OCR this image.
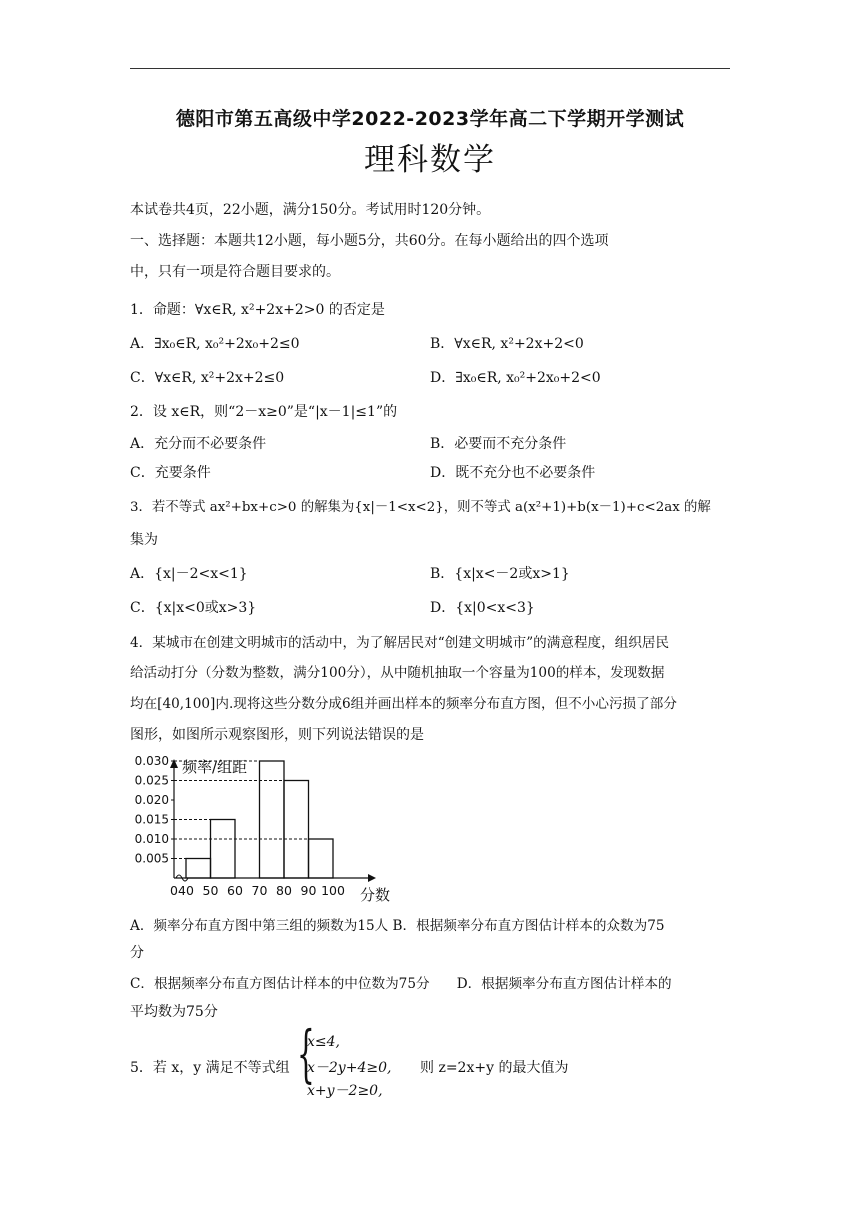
德阳市第五高级中学2022-2023学年高二下学期开学测试
理科数学
本试卷共4页，22小题，满分150分。考试用时120分钟。
一、选择题：本题共12小题，每小题5分，共60分。在每小题给出的四个选项
中，只有一项是符合题目要求的。
1．命题：∀x∈R, x²+2x+2>0 的否定是
A．∃x₀∈R, x₀²+2x₀+2≤0	B．∀x∈R, x²+2x+2<0
C．∀x∈R, x²+2x+2≤0	D．∃x₀∈R, x₀²+2x₀+2<0
2．设 x∈R，则“2－x≥0”是“|x－1|≤1”的
A．充分而不必要条件	B．必要而不充分条件
C．充要条件	D．既不充分也不必要条件
3．若不等式 ax²+bx+c>0 的解集为{x|－1<x<2}，则不等式 a(x²+1)+b(x－1)+c<2ax 的解
集为
A．{x|－2<x<1}	B．{x|x<－2或x>1}
C．{x|x<0或x>3}	D．{x|0<x<3}
4．某城市在创建文明城市的活动中，为了解居民对“创建文明城市”的满意程度，组织居民
给活动打分（分数为整数，满分100分），从中随机抽取一个容量为100的样本，发现数据
均在[40,100]内.现将这些分数分成6组并画出样本的频率分布直方图，但不小心污损了部分
图形，如图所示观察图形，则下列说法错误的是
0.005
0.010
0.015
0.020
0.025
0.030
0 40 50 60 70 80 90 100
频率/组距
分数
A．频率分布直方图中第三组的频数为15人 B．根据频率分布直方图估计样本的众数为75
分
C．根据频率分布直方图估计样本的中位数为75分　　D．根据频率分布直方图估计样本的
平均数为75分
5．若 x，y 满足不等式组 {
x≤4,
x－2y+4≥0,
x+y－2≥0,
则 z=2x+y 的最大值为
